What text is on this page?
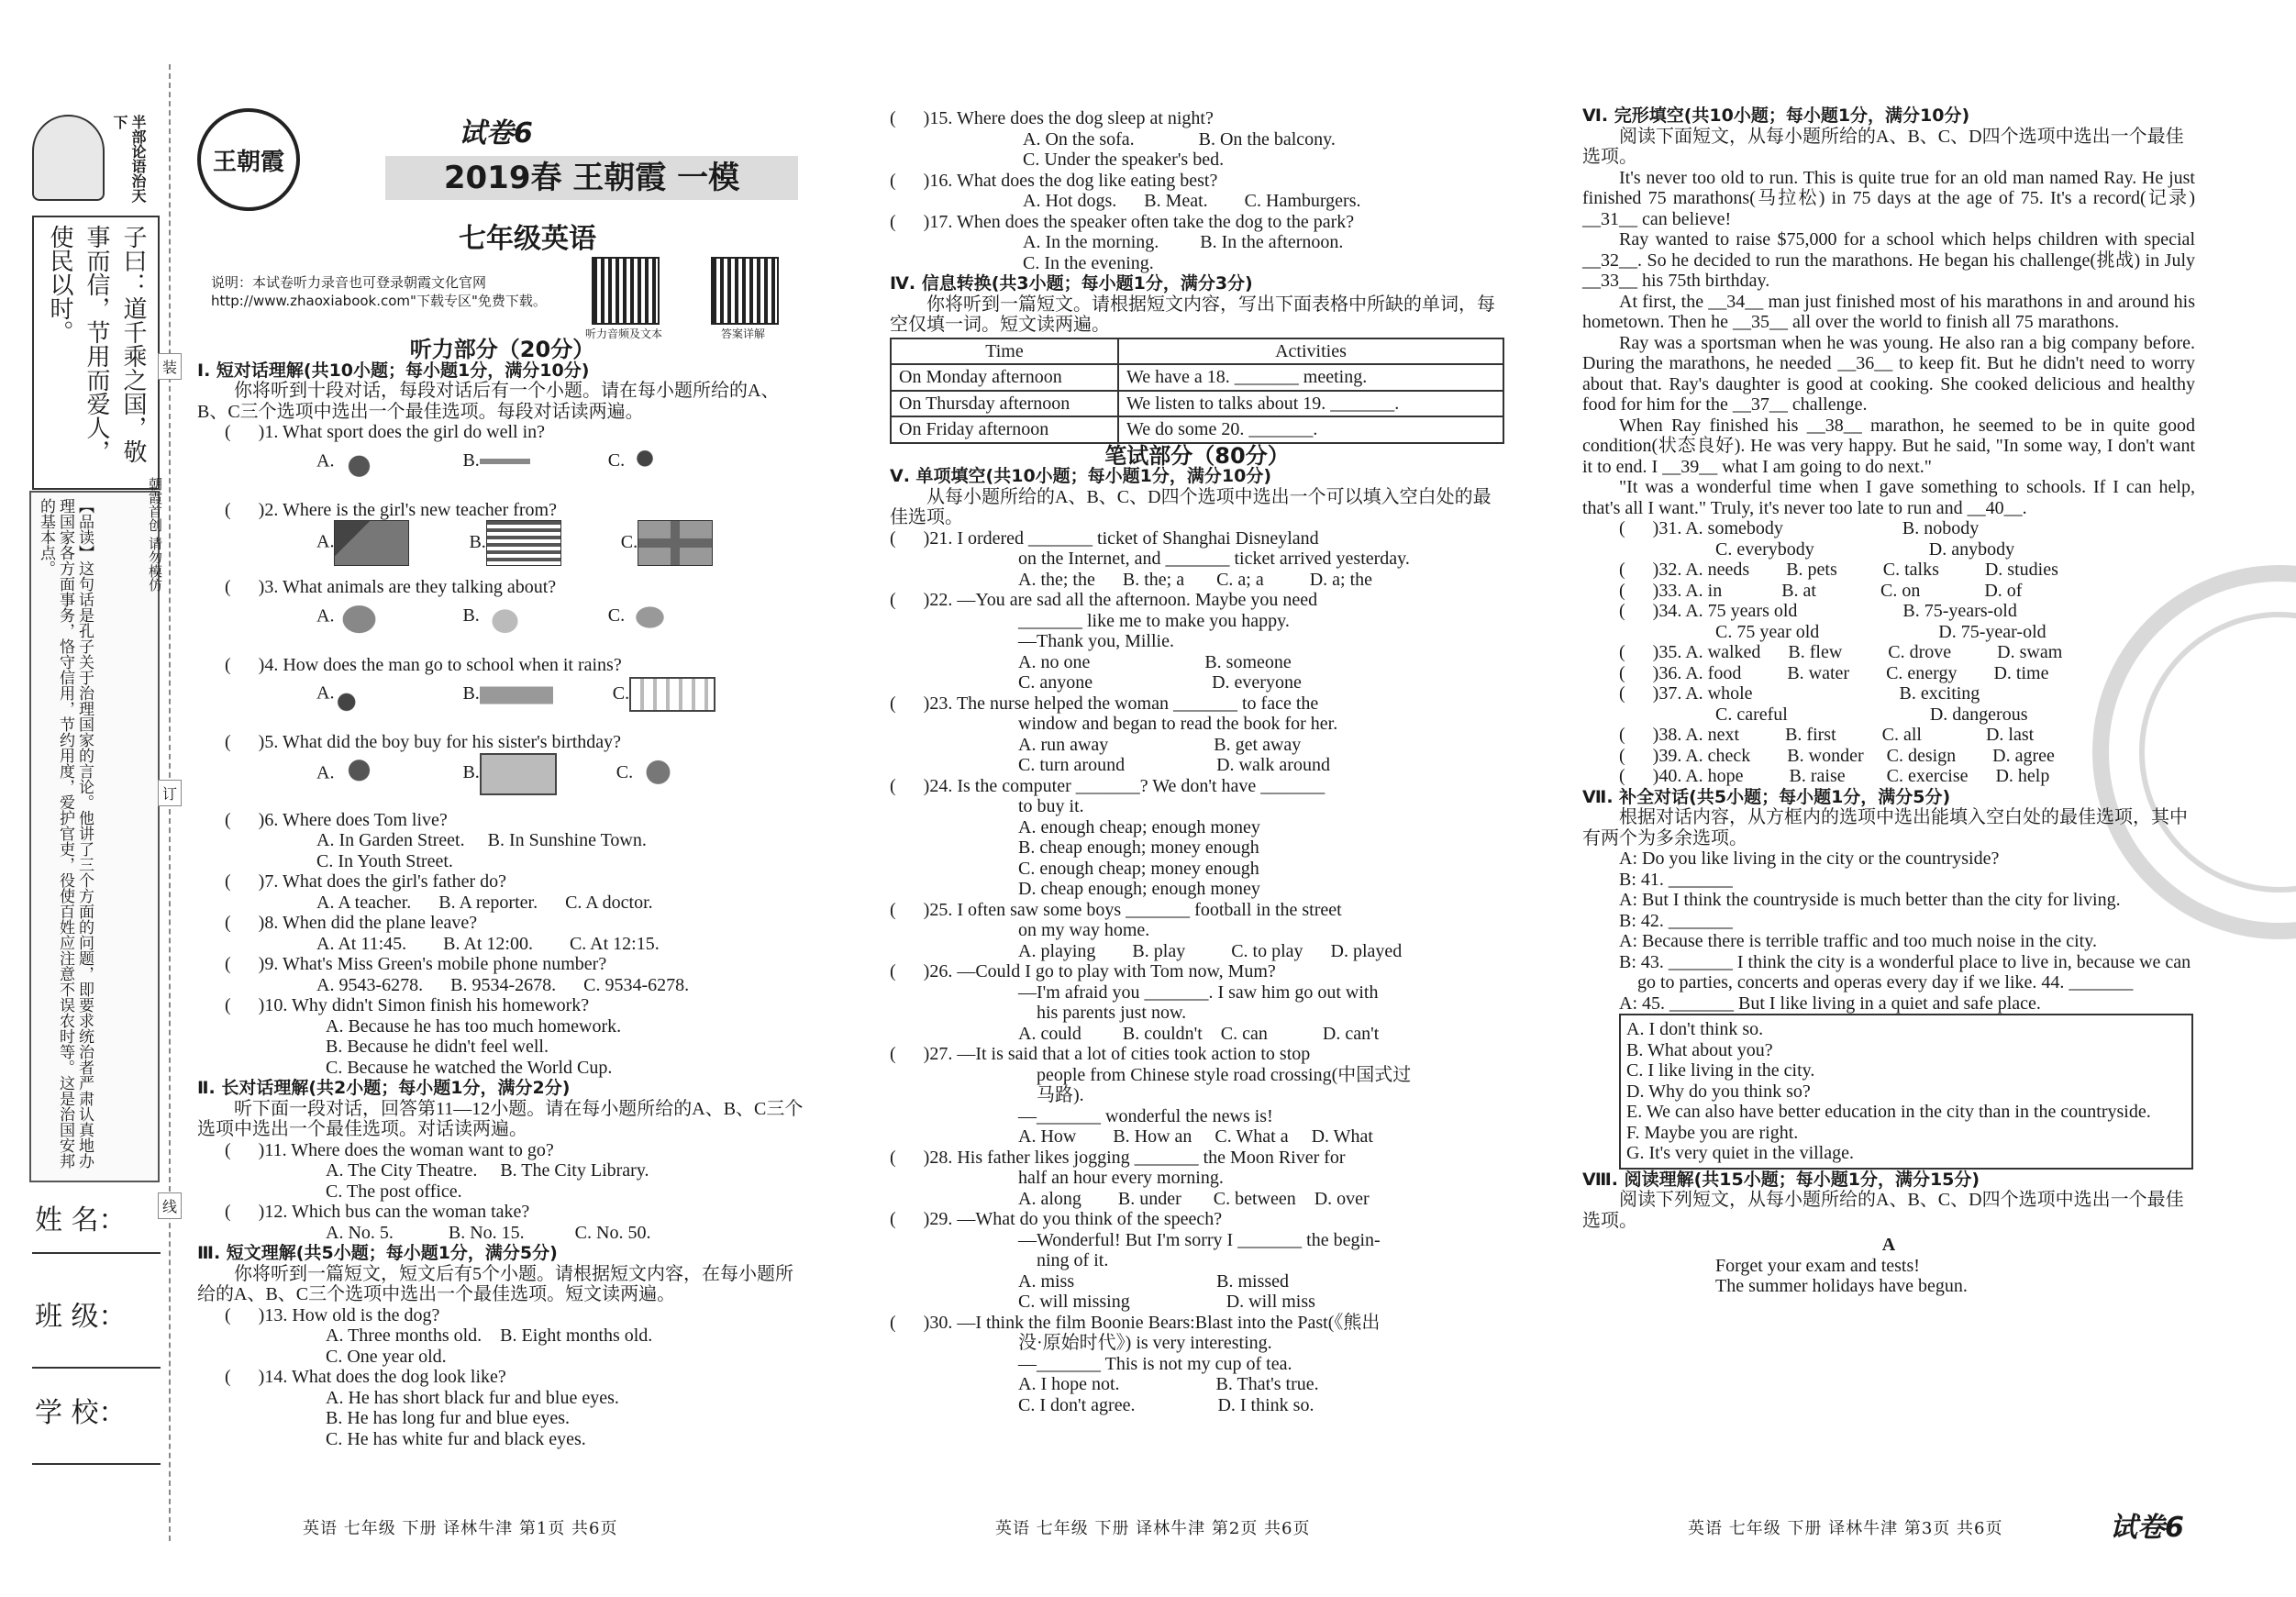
半部论语治天下
子曰：道千乘之国，敬事而信，节用而爱人，使民以时。
【品读】这句话是孔子关于治理国家的言论。他讲了三个方面的问题，即要求统治者严肃认真地办理国家各方面事务，恪守信用，节约用度，爱护官吏，役使百姓应注意不误农时等。这是治国安邦的基本点。
姓 名：
班 级：
学 校：
装
订
线
朝霞首创 请勿模仿
王朝霞
试卷6
2019春 王朝霞 一模
七年级英语
说明：本试卷听力录音也可登录朝霞文化官网http://www.zhaoxiabook.com"下载专区"免费下载。
听力音频及文本	答案详解
听力部分（20分）

Ⅰ. 短对话理解(共10小题；每小题1分，满分10分)

你将听到十段对话，每段对话后有一个小题。请在每小题所给的A、B、C三个选项中选出一个最佳选项。每段对话读两遍。

(      )1. What sport does the girl do well in?

A.	B.	C.

(      )2. Where is the girl's new teacher from?

A.	B.	C.

(      )3. What animals are they talking about?

A.	B.	C.

(      )4. How does the man go to school when it rains?

A.	B.	C.

(      )5. What did the boy buy for his sister's birthday?

A.	B.	C.

(      )6. Where does Tom live?

A. In Garden Street.     B. In Sunshine Town.

C. In Youth Street.

(      )7. What does the girl's father do?

A. A teacher.      B. A reporter.      C. A doctor.

(      )8. When did the plane leave?

A. At 11:45.        B. At 12:00.        C. At 12:15.

(      )9. What's Miss Green's mobile phone number?

A. 9543-6278.      B. 9534-2678.      C. 9534-6278.

(      )10. Why didn't Simon finish his homework?

A. Because he has too much homework.

B. Because he didn't feel well.

C. Because he watched the World Cup.

Ⅱ. 长对话理解(共2小题；每小题1分，满分2分)

听下面一段对话，回答第11—12小题。请在每小题所给的A、B、C三个选项中选出一个最佳选项。对话读两遍。

(      )11. Where does the woman want to go?

A. The City Theatre.     B. The City Library.

C. The post office.

(      )12. Which bus can the woman take?

A. No. 5.            B. No. 15.           C. No. 50.

Ⅲ. 短文理解(共5小题；每小题1分，满分5分)

你将听到一篇短文，短文后有5个小题。请根据短文内容，在每小题所给的A、B、C三个选项中选出一个最佳选项。短文读两遍。

(      )13. How old is the dog?

A. Three months old.    B. Eight months old.

C. One year old.

(      )14. What does the dog look like?

A. He has short black fur and blue eyes.

B. He has long fur and blue eyes.

C. He has white fur and black eyes.

(      )15. Where does the dog sleep at night?

A. On the sofa.              B. On the balcony.

C. Under the speaker's bed.

(      )16. What does the dog like eating best?

A. Hot dogs.      B. Meat.        C. Hamburgers.

(      )17. When does the speaker often take the dog to the park?

A. In the morning.         B. In the afternoon.

C. In the evening.

Ⅳ. 信息转换(共3小题；每小题1分，满分3分)

你将听到一篇短文。请根据短文内容，写出下面表格中所缺的单词，每空仅填一词。短文读两遍。

Time	Activities
On Monday afternoon	We have a 18. _______ meeting.
On Thursday afternoon	We listen to talks about 19. _______.
On Friday afternoon	We do some 20. _______.
笔试部分（80分）

Ⅴ. 单项填空(共10小题；每小题1分，满分10分)

从每小题所给的A、B、C、D四个选项中选出一个可以填入空白处的最佳选项。

(      )21. I ordered _______ ticket of Shanghai Disneyland

on the Internet, and _______ ticket arrived yesterday.

A. the; the      B. the; a       C. a; a          D. a; the

(      )22. —You are sad all the afternoon. Maybe you need

_______ like me to make you happy.

—Thank you, Millie.

A. no one                         B. someone

C. anyone                          D. everyone

(      )23. The nurse helped the woman _______ to face the

window and began to read the book for her.

A. run away                       B. get away

C. turn around                    D. walk around

(      )24. Is the computer _______? We don't have _______

to buy it.

A. enough cheap; enough money

B. cheap enough; money enough

C. enough cheap; money enough

D. cheap enough; enough money

(      )25. I often saw some boys _______ football in the street

on my way home.

A. playing        B. play          C. to play      D. played

(      )26. —Could I go to play with Tom now, Mum?

—I'm afraid you _______. I saw him go out with

his parents just now.

A. could         B. couldn't    C. can            D. can't

(      )27. —It is said that a lot of cities took action to stop

people from Chinese style road crossing(中国式过

马路).

—_______ wonderful the news is!

A. How        B. How an     C. What a     D. What

(      )28. His father likes jogging _______ the Moon River for

half an hour every morning.

A. along        B. under       C. between    D. over

(      )29. —What do you think of the speech?

—Wonderful! But I'm sorry I _______ the begin-

ning of it.

A. miss                               B. missed

C. will missing                     D. will miss

(      )30. —I think the film Boonie Bears:Blast into the Past(《熊出

没·原始时代》) is very interesting.

—_______ This is not my cup of tea.

A. I hope not.                     B. That's true.

C. I don't agree.                  D. I think so.

Ⅵ. 完形填空(共10小题；每小题1分，满分10分)

阅读下面短文，从每小题所给的A、B、C、D四个选项中选出一个最佳选项。

It's never too old to run. This is quite true for an old man named Ray. He just finished 75 marathons(马拉松) in 75 days at the age of 75. It's a record(记录) __31__ can believe!

Ray wanted to raise $75,000 for a school which helps children with special __32__. So he decided to run the marathons. He began his challenge(挑战) in July __33__ his 75th birthday.

At first, the __34__ man just finished most of his marathons in and around his hometown. Then he __35__ all over the world to finish all 75 marathons.

Ray was a sportsman when he was young. He also ran a big company before. During the marathons, he needed __36__ to keep fit. But he didn't need to worry about that. Ray's daughter is good at cooking. She cooked delicious and healthy food for him for the __37__ challenge.

When Ray finished his __38__ marathon, he seemed to be in quite good condition(状态良好). He was very happy. But he said, "In some way, I don't want it to end. I __39__ what I am going to do next."

"It was a wonderful time when I gave something to schools. If I can help, that's all I want." Truly, it's never too late to run and __40__.

(      )31. A. somebody                          B. nobody

C. everybody                         D. anybody

(      )32. A. needs        B. pets          C. talks          D. studies

(      )33. A. in             B. at              C. on              D. of

(      )34. A. 75 years old                       B. 75-years-old

C. 75 year old                          D. 75-year-old

(      )35. A. walked      B. flew          C. drove          D. swam

(      )36. A. food          B. water        C. energy        D. time

(      )37. A. whole                                B. exciting

C. careful                               D. dangerous

(      )38. A. next          B. first          C. all              D. last

(      )39. A. check        B. wonder     C. design        D. agree

(      )40. A. hope          B. raise         C. exercise      D. help

Ⅶ. 补全对话(共5小题；每小题1分，满分5分)

根据对话内容，从方框内的选项中选出能填入空白处的最佳选项，其中有两个为多余选项。

A: Do you like living in the city or the countryside?

B: 41. _______

A: But I think the countryside is much better than the city for living.

B: 42. _______

A: Because there is terrible traffic and too much noise in the city.

B: 43. _______ I think the city is a wonderful place to live in, because we can go to parties, concerts and operas every day if we like. 44. _______

A: 45. _______ But I like living in a quiet and safe place.

A. I don't think so.

B. What about you?

C. I like living in the city.

D. Why do you think so?

E. We can also have better education in the city than in the countryside.

F. Maybe you are right.

G. It's very quiet in the village.

Ⅷ. 阅读理解(共15小题；每小题1分，满分15分)

阅读下列短文，从每小题所给的A、B、C、D四个选项中选出一个最佳选项。

A

Forget your exam and tests!

The summer holidays have begun.

英语 七年级 下册 译林牛津 第1页 共6页	英语 七年级 下册 译林牛津 第2页 共6页	英语 七年级 下册 译林牛津 第3页 共6页	试卷6
